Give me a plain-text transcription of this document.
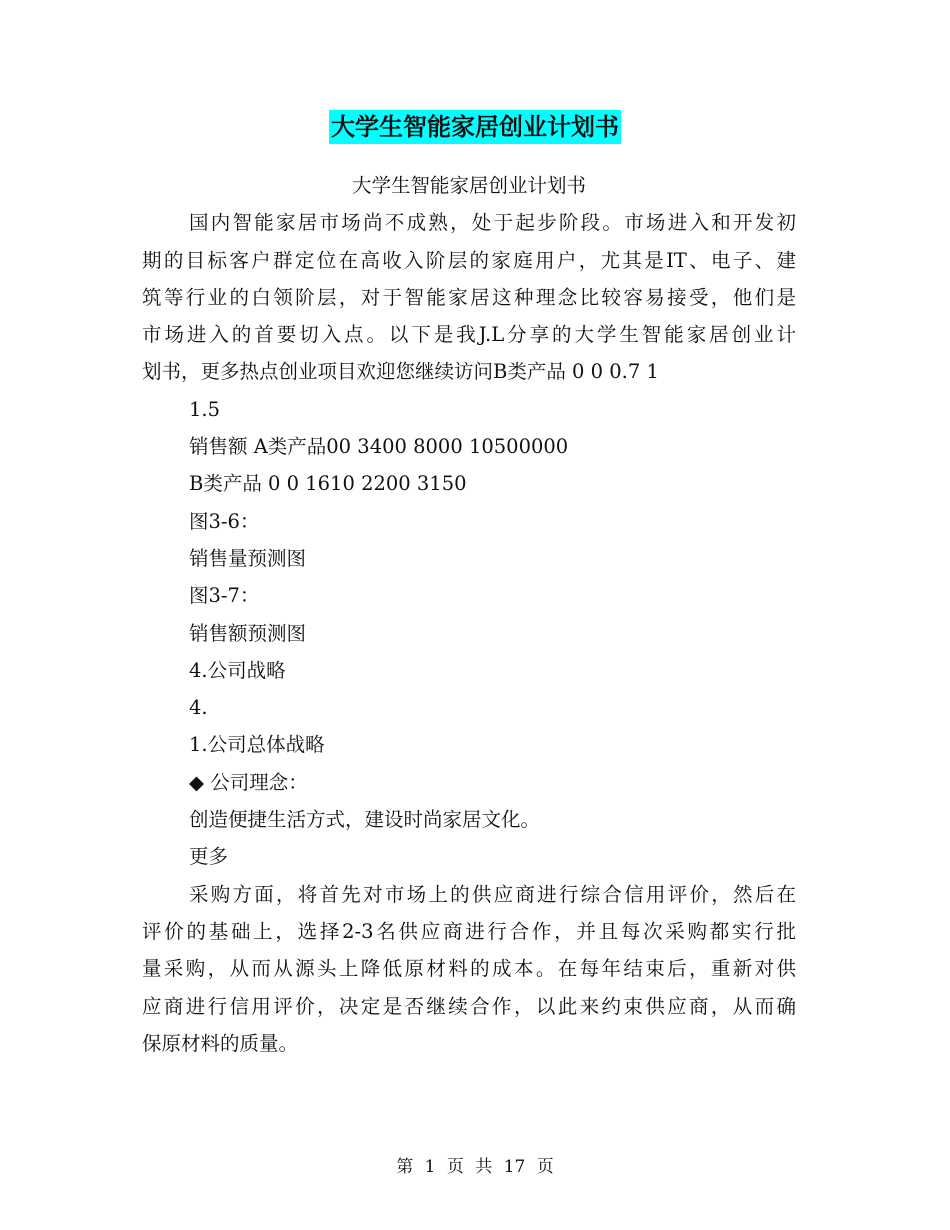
大学生智能家居创业计划书
大学生智能家居创业计划书
国内智能家居市场尚不成熟，处于起步阶段。市场进入和开发初
期的目标客户群定位在高收入阶层的家庭用户，尤其是IT、电子、建
筑等行业的白领阶层，对于智能家居这种理念比较容易接受，他们是
市场进入的首要切入点。以下是我J.L分享的大学生智能家居创业计
划书，更多热点创业项目欢迎您继续访问B类产品 0 0 0.7 1
1.5
销售额 A类产品00 3400 8000 10500000
B类产品 0 0 1610 2200 3150
图3-6：
销售量预测图
图3-7：
销售额预测图
4.公司战略
4.
1.公司总体战略
◆ 公司理念：
创造便捷生活方式，建设时尚家居文化。
更多
采购方面，将首先对市场上的供应商进行综合信用评价，然后在
评价的基础上，选择2-3名供应商进行合作，并且每次采购都实行批
量采购，从而从源头上降低原材料的成本。在每年结束后，重新对供
应商进行信用评价，决定是否继续合作，以此来约束供应商，从而确
保原材料的质量。
第 1 页 共 17 页
